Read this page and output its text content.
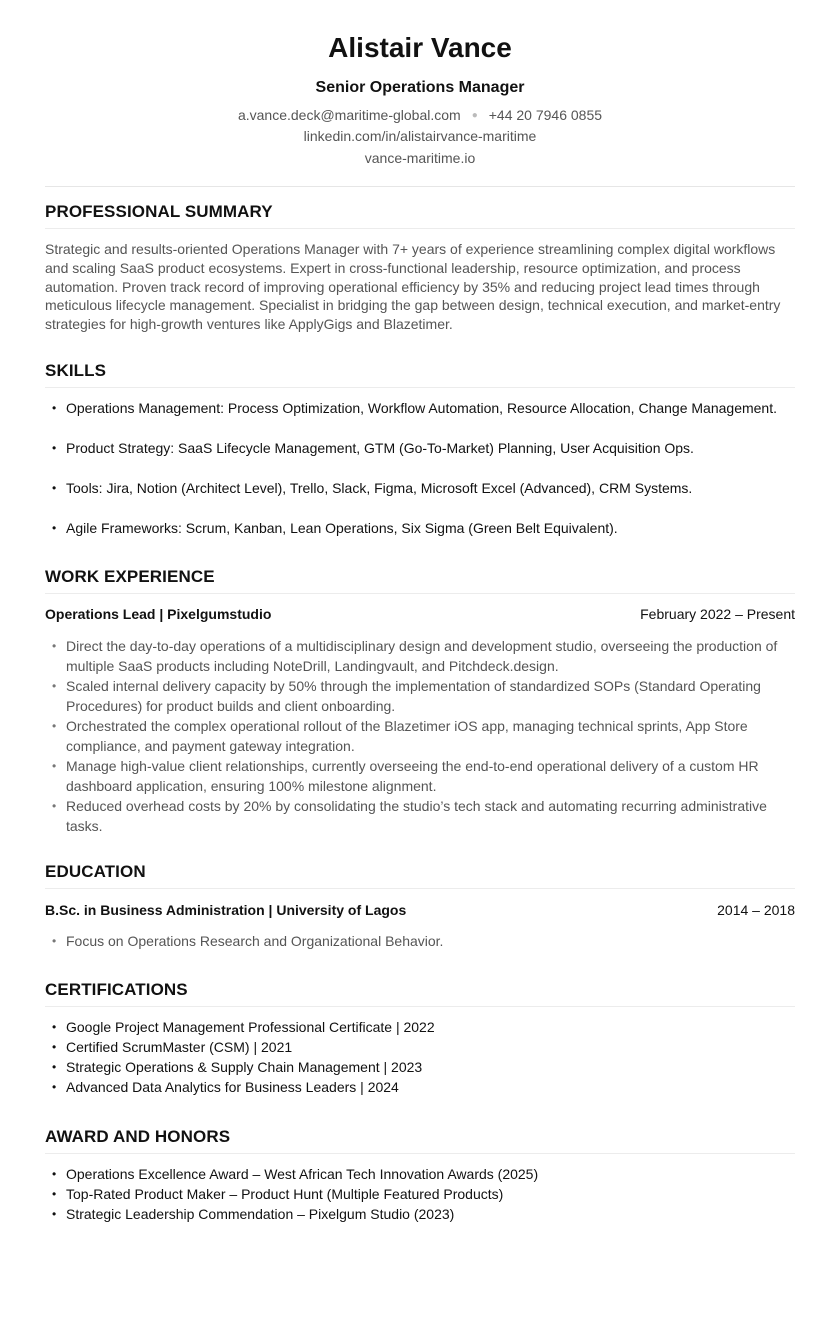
Alistair Vance
Senior Operations Manager
a.vance.deck@maritime-global.com ● +44 20 7946 0855
linkedin.com/in/alistairvance-maritime
vance-maritime.io
PROFESSIONAL SUMMARY
Strategic and results-oriented Operations Manager with 7+ years of experience streamlining complex digital workflows and scaling SaaS product ecosystems. Expert in cross-functional leadership, resource optimization, and process automation. Proven track record of improving operational efficiency by 35% and reducing project lead times through meticulous lifecycle management. Specialist in bridging the gap between design, technical execution, and market-entry strategies for high-growth ventures like ApplyGigs and Blazetimer.
SKILLS
• Operations Management: Process Optimization, Workflow Automation, Resource Allocation, Change Management.
• Product Strategy: SaaS Lifecycle Management, GTM (Go-To-Market) Planning, User Acquisition Ops.
• Tools: Jira, Notion (Architect Level), Trello, Slack, Figma, Microsoft Excel (Advanced), CRM Systems.
• Agile Frameworks: Scrum, Kanban, Lean Operations, Six Sigma (Green Belt Equivalent).
WORK EXPERIENCE
Operations Lead | Pixelgumstudio	February 2022 – Present
• Direct the day-to-day operations of a multidisciplinary design and development studio, overseeing the production of multiple SaaS products including NoteDrill, Landingvault, and Pitchdeck.design.
• Scaled internal delivery capacity by 50% through the implementation of standardized SOPs (Standard Operating Procedures) for product builds and client onboarding.
• Orchestrated the complex operational rollout of the Blazetimer iOS app, managing technical sprints, App Store compliance, and payment gateway integration.
• Manage high-value client relationships, currently overseeing the end-to-end operational delivery of a custom HR dashboard application, ensuring 100% milestone alignment.
• Reduced overhead costs by 20% by consolidating the studio’s tech stack and automating recurring administrative tasks.
EDUCATION
B.Sc. in Business Administration | University of Lagos	2014 – 2018
• Focus on Operations Research and Organizational Behavior.
CERTIFICATIONS
• Google Project Management Professional Certificate | 2022
• Certified ScrumMaster (CSM) | 2021
• Strategic Operations & Supply Chain Management | 2023
• Advanced Data Analytics for Business Leaders | 2024
AWARD AND HONORS
• Operations Excellence Award – West African Tech Innovation Awards (2025)
• Top-Rated Product Maker – Product Hunt (Multiple Featured Products)
• Strategic Leadership Commendation – Pixelgum Studio (2023)
